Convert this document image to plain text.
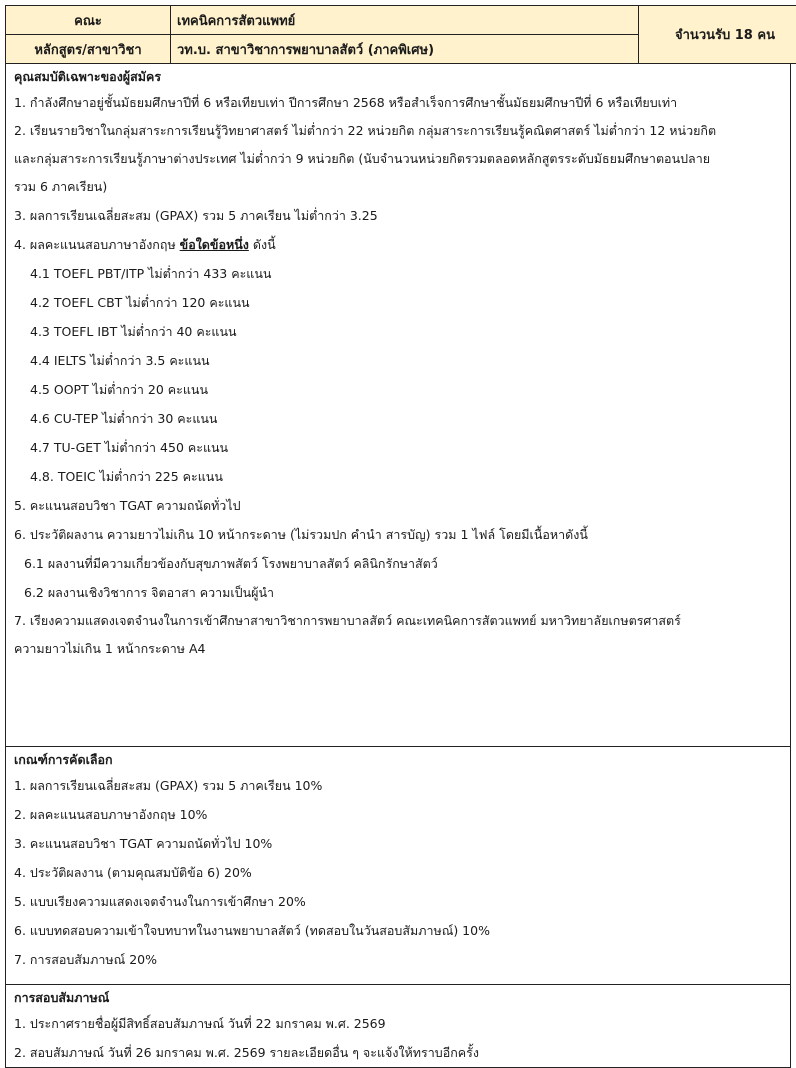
คณะ	เทคนิคการสัตวแพทย์	จำนวนรับ 18 คน
หลักสูตร/สาขาวิชา	วท.บ. สาขาวิชาการพยาบาลสัตว์ (ภาคพิเศษ)	
คุณสมบัติเฉพาะของผู้สมัคร
1. กำลังศึกษาอยู่ชั้นมัธยมศึกษาปีที่ 6 หรือเทียบเท่า ปีการศึกษา 2568 หรือสำเร็จการศึกษาชั้นมัธยมศึกษาปีที่ 6 หรือเทียบเท่า
2. เรียนรายวิชาในกลุ่มสาระการเรียนรู้วิทยาศาสตร์ ไม่ต่ำกว่า 22 หน่วยกิต กลุ่มสาระการเรียนรู้คณิตศาสตร์ ไม่ต่ำกว่า 12 หน่วยกิต
และกลุ่มสาระการเรียนรู้ภาษาต่างประเทศ ไม่ต่ำกว่า 9 หน่วยกิต (นับจำนวนหน่วยกิตรวมตลอดหลักสูตรระดับมัธยมศึกษาตอนปลาย
รวม 6 ภาคเรียน)
3. ผลการเรียนเฉลี่ยสะสม (GPAX) รวม 5 ภาคเรียน ไม่ต่ำกว่า 3.25
4. ผลคะแนนสอบภาษาอังกฤษ ข้อใดข้อหนึ่ง ดังนี้
4.1 TOEFL PBT/ITP ไม่ต่ำกว่า 433 คะแนน
4.2 TOEFL CBT ไม่ต่ำกว่า 120 คะแนน
4.3 TOEFL IBT ไม่ต่ำกว่า 40 คะแนน
4.4 IELTS ไม่ต่ำกว่า 3.5 คะแนน
4.5 OOPT ไม่ต่ำกว่า 20 คะแนน
4.6 CU-TEP ไม่ต่ำกว่า 30 คะแนน
4.7 TU-GET ไม่ต่ำกว่า 450 คะแนน
4.8. TOEIC ไม่ต่ำกว่า 225 คะแนน
5. คะแนนสอบวิชา TGAT ความถนัดทั่วไป
6. ประวัติผลงาน ความยาวไม่เกิน 10 หน้ากระดาษ (ไม่รวมปก คำนำ สารบัญ) รวม 1 ไฟล์ โดยมีเนื้อหาดังนี้
6.1 ผลงานที่มีความเกี่ยวข้องกับสุขภาพสัตว์ โรงพยาบาลสัตว์ คลินิกรักษาสัตว์
6.2 ผลงานเชิงวิชาการ จิตอาสา ความเป็นผู้นำ
7. เรียงความแสดงเจตจำนงในการเข้าศึกษาสาขาวิชาการพยาบาลสัตว์ คณะเทคนิคการสัตวแพทย์ มหาวิทยาลัยเกษตรศาสตร์
ความยาวไม่เกิน 1 หน้ากระดาษ A4
เกณฑ์การคัดเลือก
1. ผลการเรียนเฉลี่ยสะสม (GPAX) รวม 5 ภาคเรียน 10%
2. ผลคะแนนสอบภาษาอังกฤษ 10%
3. คะแนนสอบวิชา TGAT ความถนัดทั่วไป 10%
4. ประวัติผลงาน (ตามคุณสมบัติข้อ 6) 20%
5. แบบเรียงความแสดงเจตจำนงในการเข้าศึกษา 20%
6. แบบทดสอบความเข้าใจบทบาทในงานพยาบาลสัตว์ (ทดสอบในวันสอบสัมภาษณ์) 10%
7. การสอบสัมภาษณ์ 20%
การสอบสัมภาษณ์
1. ประกาศรายชื่อผู้มีสิทธิ์สอบสัมภาษณ์ วันที่ 22 มกราคม พ.ศ. 2569
2. สอบสัมภาษณ์ วันที่ 26 มกราคม พ.ศ. 2569 รายละเอียดอื่น ๆ จะแจ้งให้ทราบอีกครั้ง
